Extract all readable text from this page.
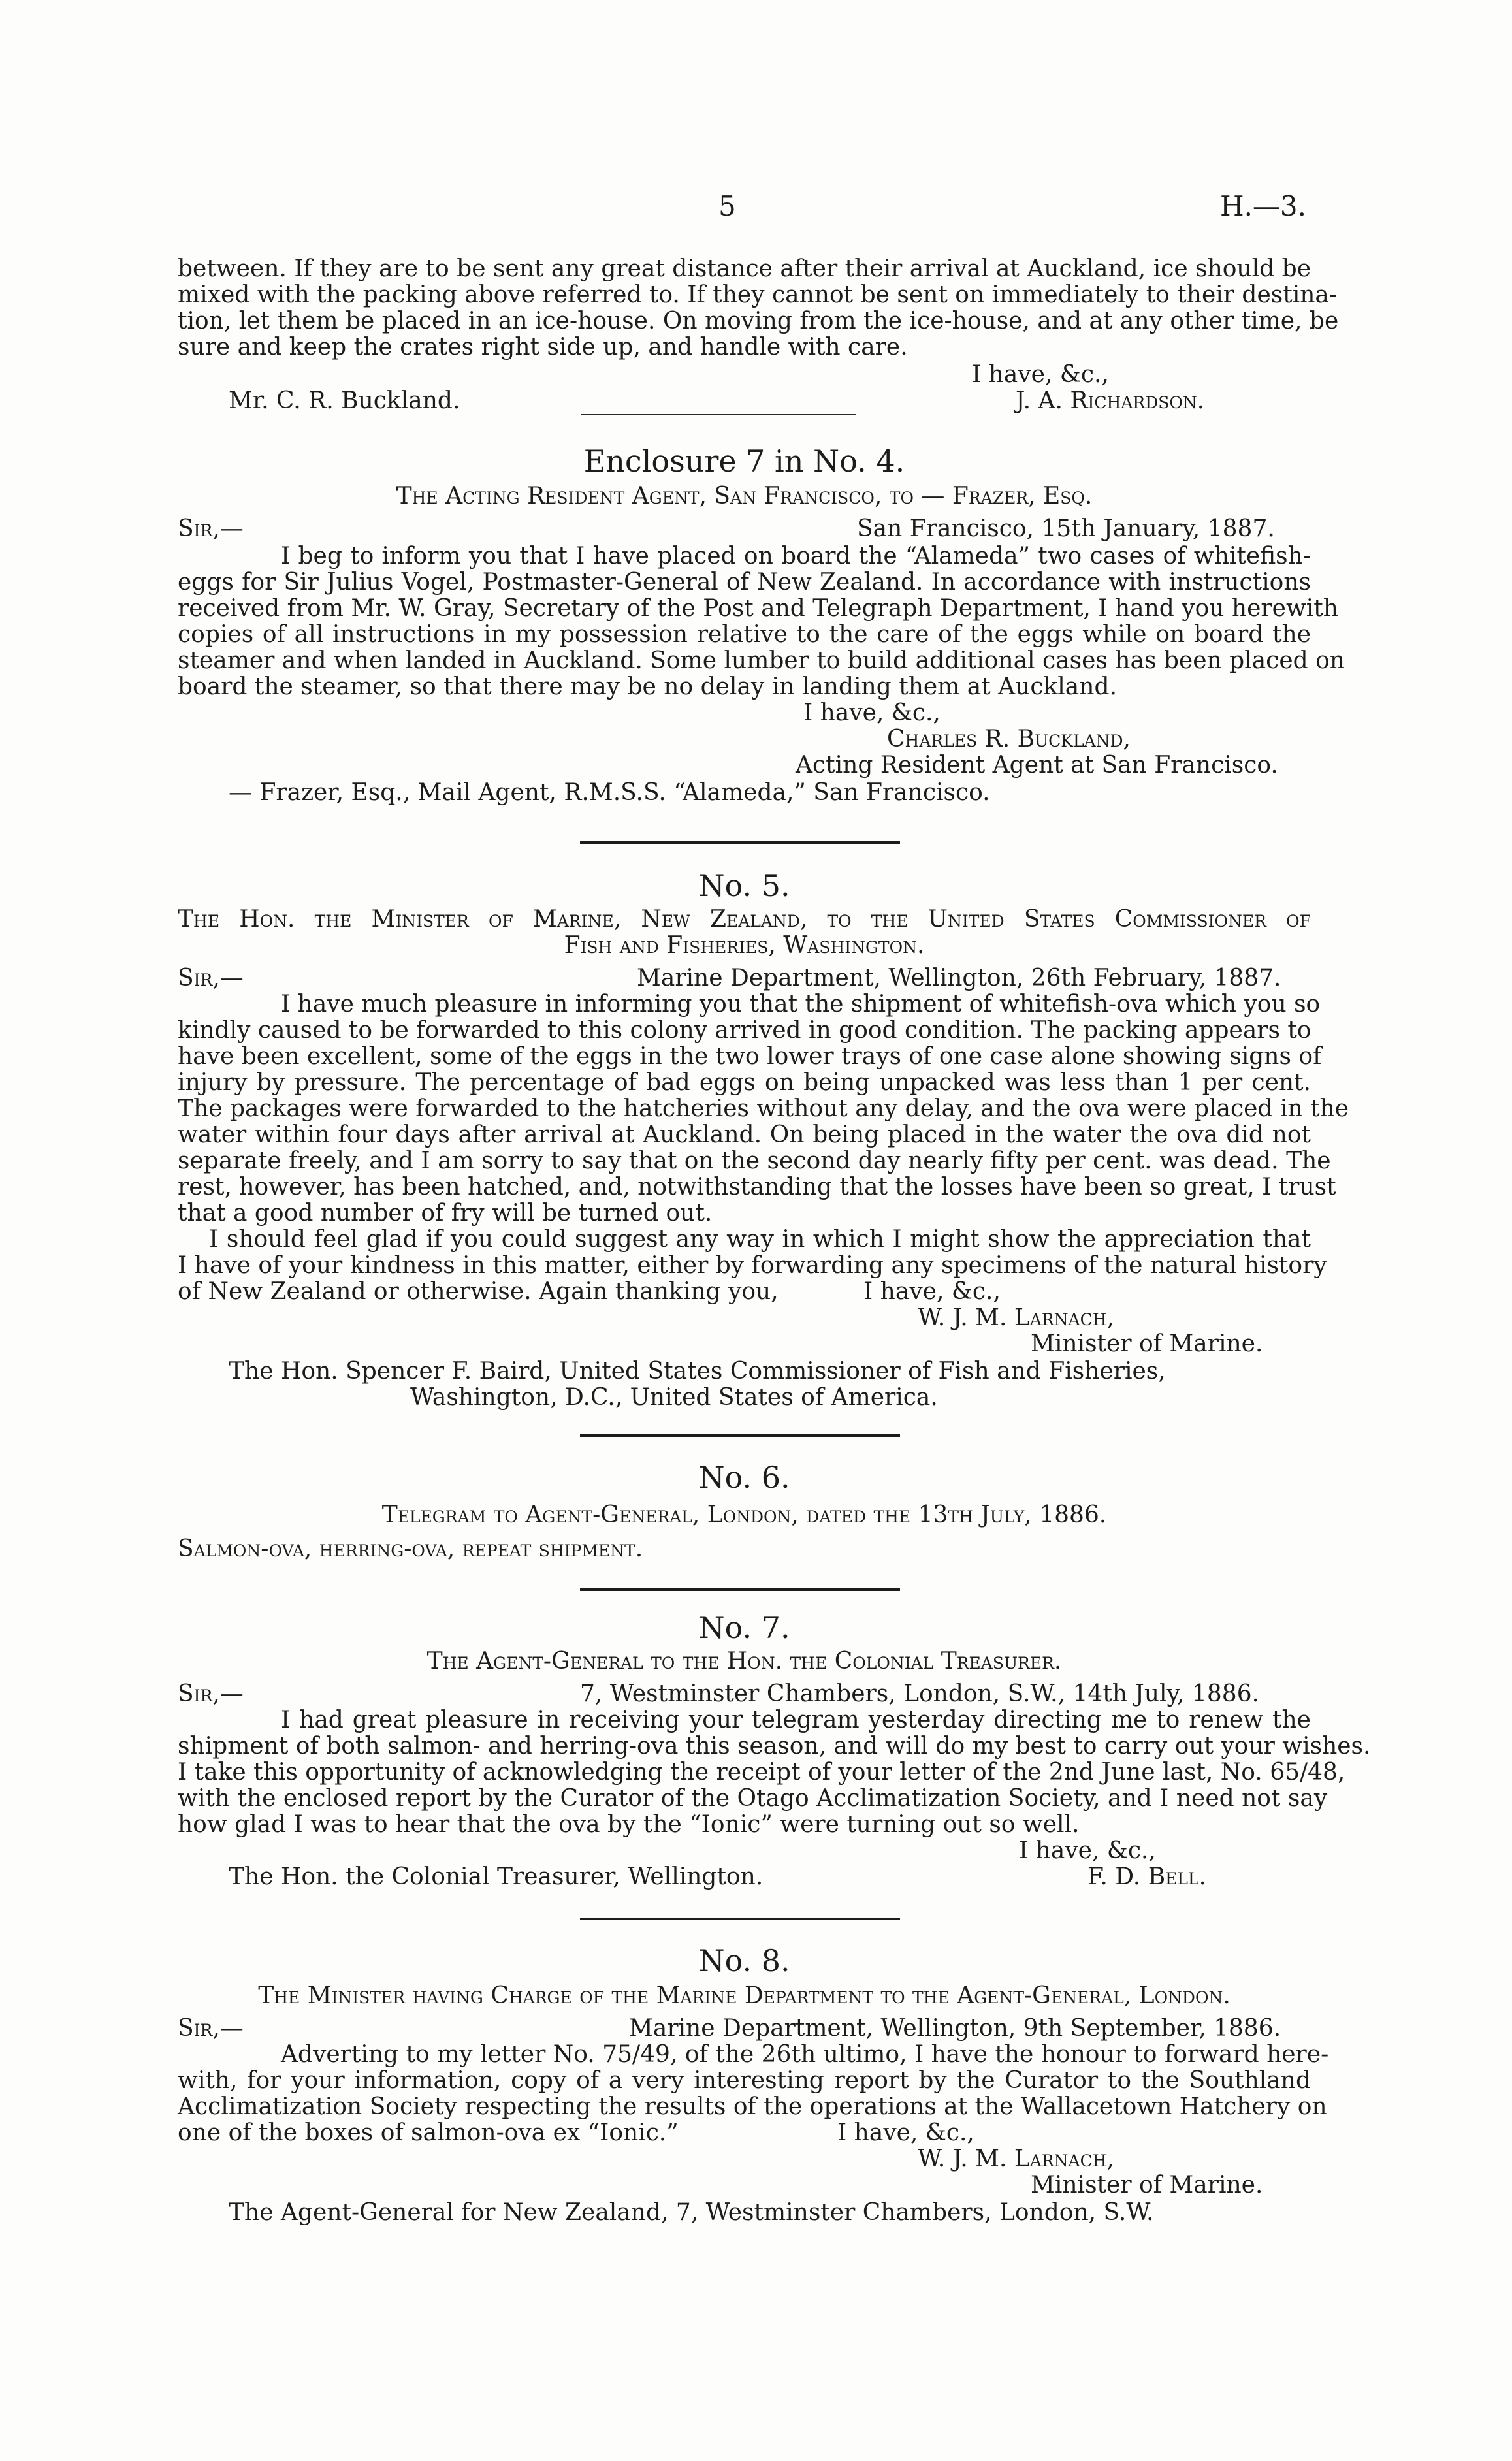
5	H.—3.
between. If they are to be sent any great distance after their arrival at Auckland, ice should be
mixed with the packing above referred to. If they cannot be sent on immediately to their destina-
tion, let them be placed in an ice-house. On moving from the ice-house, and at any other time, be
sure and keep the crates right side up, and handle with care.
I have, &c.,
Mr. C. R. Buckland.	J. A. Richardson.
Enclosure 7 in No. 4.
The Acting Resident Agent, San Francisco, to — Frazer, Esq.
Sir,—	San Francisco, 15th January, 1887.
I beg to inform you that I have placed on board the “Alameda” two cases of whitefish-
eggs for Sir Julius Vogel, Postmaster-General of New Zealand. In accordance with instructions
received from Mr. W. Gray, Secretary of the Post and Telegraph Department, I hand you herewith
copies of all instructions in my possession relative to the care of the eggs while on board the
steamer and when landed in Auckland. Some lumber to build additional cases has been placed on
board the steamer, so that there may be no delay in landing them at Auckland.
I have, &c.,
Charles R. Buckland,
Acting Resident Agent at San Francisco.
— Frazer, Esq., Mail Agent, R.M.S.S. “Alameda,” San Francisco.
No. 5.
The Hon. the Minister of Marine, New Zealand, to the United States Commissioner of
Fish and Fisheries, Washington.
Sir,—	Marine Department, Wellington, 26th February, 1887.
I have much pleasure in informing you that the shipment of whitefish-ova which you so
kindly caused to be forwarded to this colony arrived in good condition. The packing appears to
have been excellent, some of the eggs in the two lower trays of one case alone showing signs of
injury by pressure. The percentage of bad eggs on being unpacked was less than 1 per cent.
The packages were forwarded to the hatcheries without any delay, and the ova were placed in the
water within four days after arrival at Auckland. On being placed in the water the ova did not
separate freely, and I am sorry to say that on the second day nearly fifty per cent. was dead. The
rest, however, has been hatched, and, notwithstanding that the losses have been so great, I trust
that a good number of fry will be turned out.
I should feel glad if you could suggest any way in which I might show the appreciation that
I have of your kindness in this matter, either by forwarding any specimens of the natural history
of New Zealand or otherwise. Again thanking you,	I have, &c.,
W. J. M. Larnach,
Minister of Marine.
The Hon. Spencer F. Baird, United States Commissioner of Fish and Fisheries,
Washington, D.C., United States of America.
No. 6.
Telegram to Agent-General, London, dated the 13th July, 1886.
Salmon-ova, herring-ova, repeat shipment.
No. 7.
The Agent-General to the Hon. the Colonial Treasurer.
Sir,—	7, Westminster Chambers, London, S.W., 14th July, 1886.
I had great pleasure in receiving your telegram yesterday directing me to renew the
shipment of both salmon- and herring-ova this season, and will do my best to carry out your wishes.
I take this opportunity of acknowledging the receipt of your letter of the 2nd June last, No. 65/48,
with the enclosed report by the Curator of the Otago Acclimatization Society, and I need not say
how glad I was to hear that the ova by the “Ionic” were turning out so well.
I have, &c.,
The Hon. the Colonial Treasurer, Wellington.	F. D. Bell.
No. 8.
The Minister having Charge of the Marine Department to the Agent-General, London.
Sir,—	Marine Department, Wellington, 9th September, 1886.
Adverting to my letter No. 75/49, of the 26th ultimo, I have the honour to forward here-
with, for your information, copy of a very interesting report by the Curator to the Southland
Acclimatization Society respecting the results of the operations at the Wallacetown Hatchery on
one of the boxes of salmon-ova ex “Ionic.”	I have, &c.,
W. J. M. Larnach,
Minister of Marine.
The Agent-General for New Zealand, 7, Westminster Chambers, London, S.W.
